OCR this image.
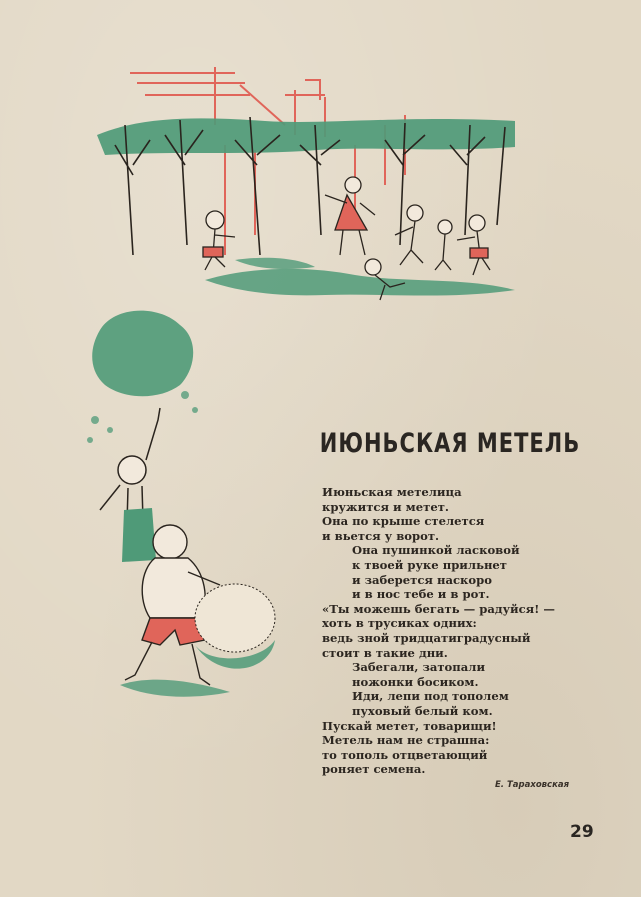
ИЮНЬСКАЯ МЕТЕЛЬ
Июньская метелица
кружится и метет.
Она по крыше стелется
и вьется у ворот.
Она пушинкой ласковой
к твоей руке прильнет
и заберется наскоро
и в нос тебе и в рот.
«Ты можешь бегать — радуйся! —
хоть в трусиках одних:
ведь зной тридцатиградусный
стоит в такие дни.
Забегали, затопали
ножонки босиком.
Иди, лепи под тополем
пуховый белый ком.
Пускай метет, товарищи!
Метель нам не страшна:
то тополь отцветающий
роняет семена.
Е. Тараховская
29
